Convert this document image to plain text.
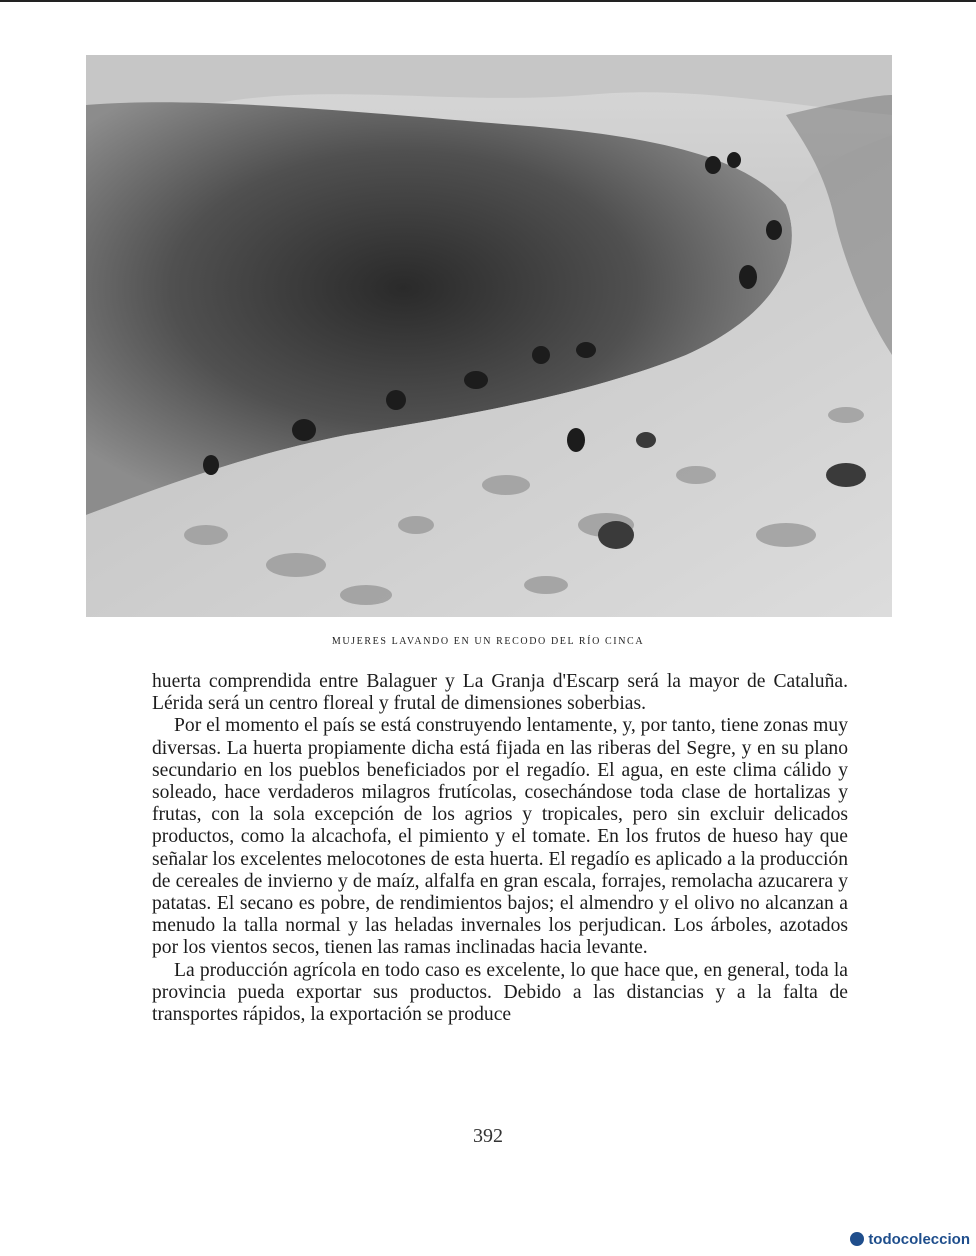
MUJERES LAVANDO EN UN RECODO DEL RÍO CINCA

huerta comprendida entre Balaguer y La Granja d'Escarp será la mayor de Cataluña. Lérida será un centro floreal y frutal de dimensiones soberbias.

Por el momento el país se está construyendo lentamente, y, por tanto, tiene zonas muy diversas. La huerta propiamente dicha está fijada en las riberas del Segre, y en su plano secundario en los pueblos beneficiados por el regadío. El agua, en este clima cálido y soleado, hace verdaderos milagros frutícolas, cosechándose toda clase de hortalizas y frutas, con la sola excepción de los agrios y tropicales, pero sin excluir delicados productos, como la alcachofa, el pimiento y el tomate. En los frutos de hueso hay que señalar los excelentes melocotones de esta huerta. El regadío es aplicado a la producción de cereales de invierno y de maíz, alfalfa en gran escala, forrajes, remolacha azucarera y patatas. El secano es pobre, de rendimientos bajos; el almendro y el olivo no alcanzan a menudo la talla normal y las heladas invernales los perjudican. Los árboles, azotados por los vientos secos, tienen las ramas inclinadas hacia levante.

La producción agrícola en todo caso es excelente, lo que hace que, en general, toda la provincia pueda exportar sus productos. Debido a las distancias y a la falta de transportes rápidos, la exportación se produce

392
todocoleccion
